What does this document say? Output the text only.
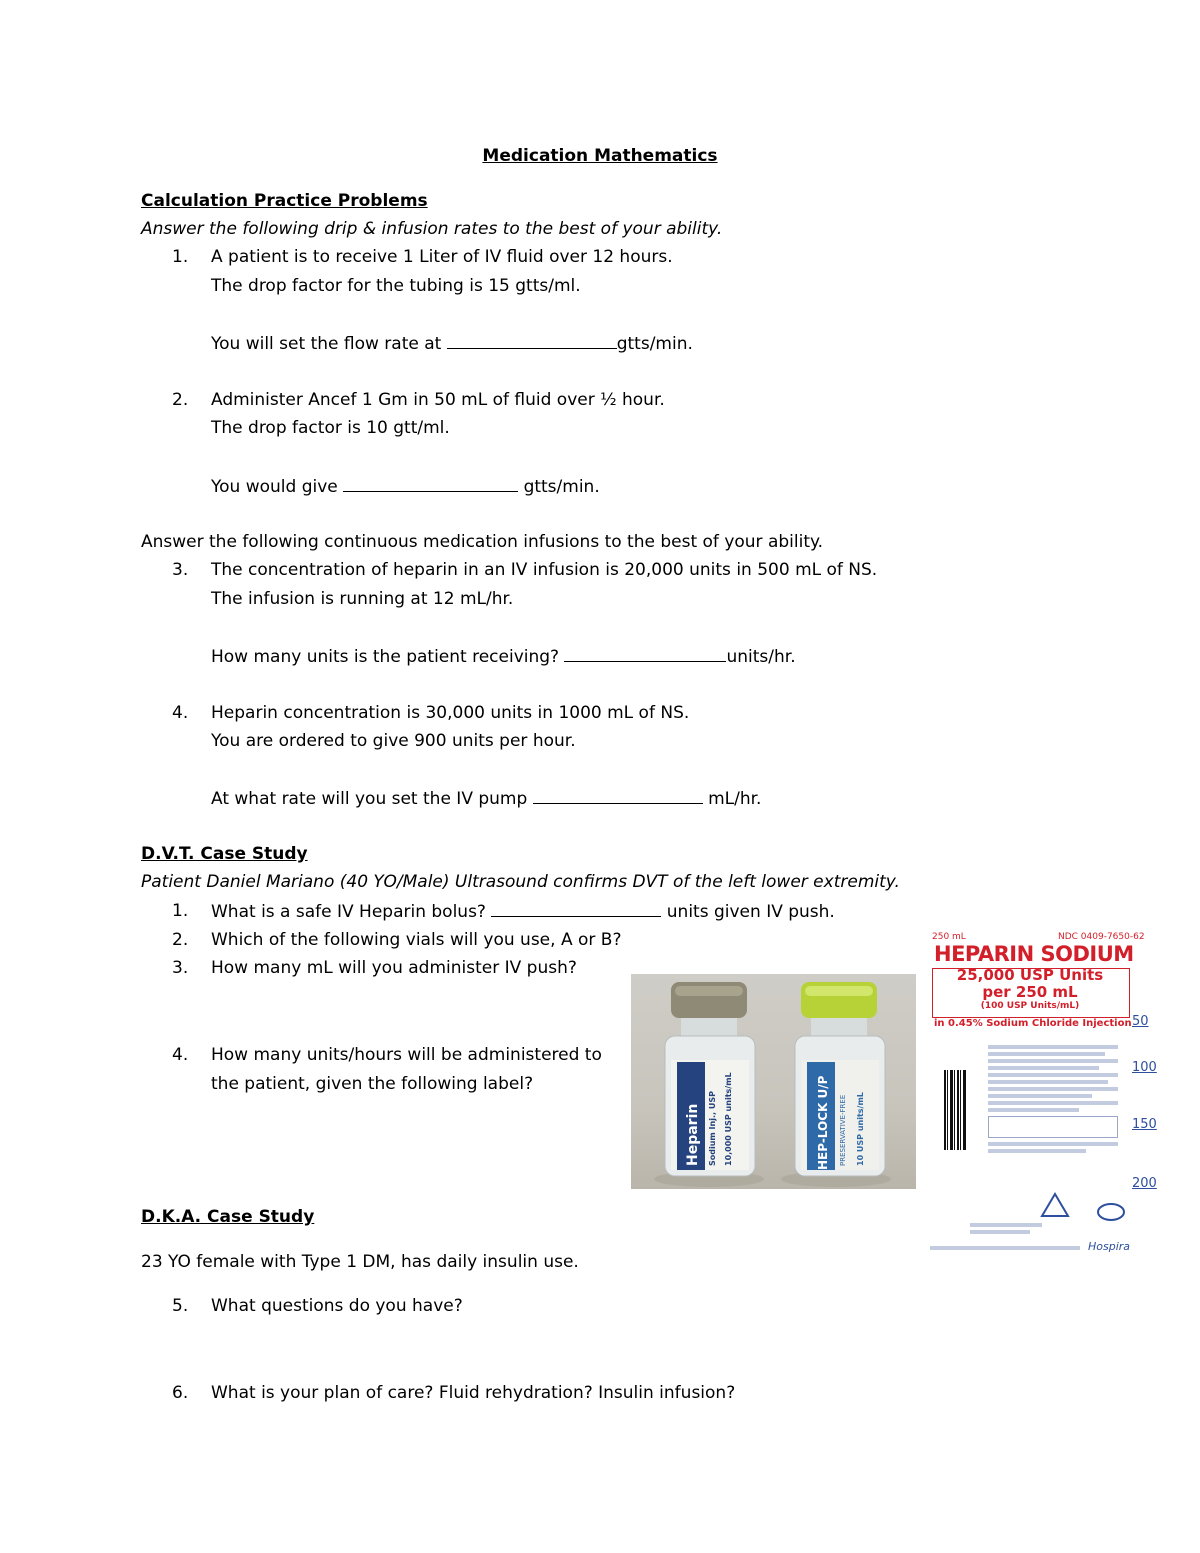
Medication Mathematics
Calculation Practice Problems
Answer the following drip & infusion rates to the best of your ability.
1. A patient is to receive 1 Liter of IV fluid over 12 hours.
The drop factor for the tubing is 15 gtts/ml.
You will set the flow rate at	gtts/min.
2. Administer Ancef 1 Gm in 50 mL of fluid over ½ hour.
The drop factor is 10 gtt/ml.
You would give	gtts/min.
Answer the following continuous medication infusions to the best of your ability.
3. The concentration of heparin in an IV infusion is 20,000 units in 500 mL of NS.
The infusion is running at 12 mL/hr.
How many units is the patient receiving?	units/hr.
4. Heparin concentration is 30,000 units in 1000 mL of NS.
You are ordered to give 900 units per hour.
At what rate will you set the IV pump	mL/hr.
D.V.T. Case Study
Patient Daniel Mariano (40 YO/Male) Ultrasound confirms DVT of the left lower extremity.
1. What is a safe IV Heparin bolus?	units given IV push.
2. Which of the following vials will you use, A or B?
3. How many mL will you administer IV push?
4. How many units/hours will be administered to
the patient, given the following label?
Heparin Sodium Inj., USP 10,000 USP units/mL	HEP-LOCK U/P PRESERVATIVE-FREE 10 USP units/mL
250 mL	NDC 0409-7650-62
HEPARIN SODIUM
25,000 USP Units
per 250 mL
(100 USP Units/mL)
in 0.45% Sodium Chloride Injection 50
100
150
200
Hospira
D.K.A. Case Study
23 YO female with Type 1 DM, has daily insulin use.
5. What questions do you have?
6. What is your plan of care? Fluid rehydration? Insulin infusion?
